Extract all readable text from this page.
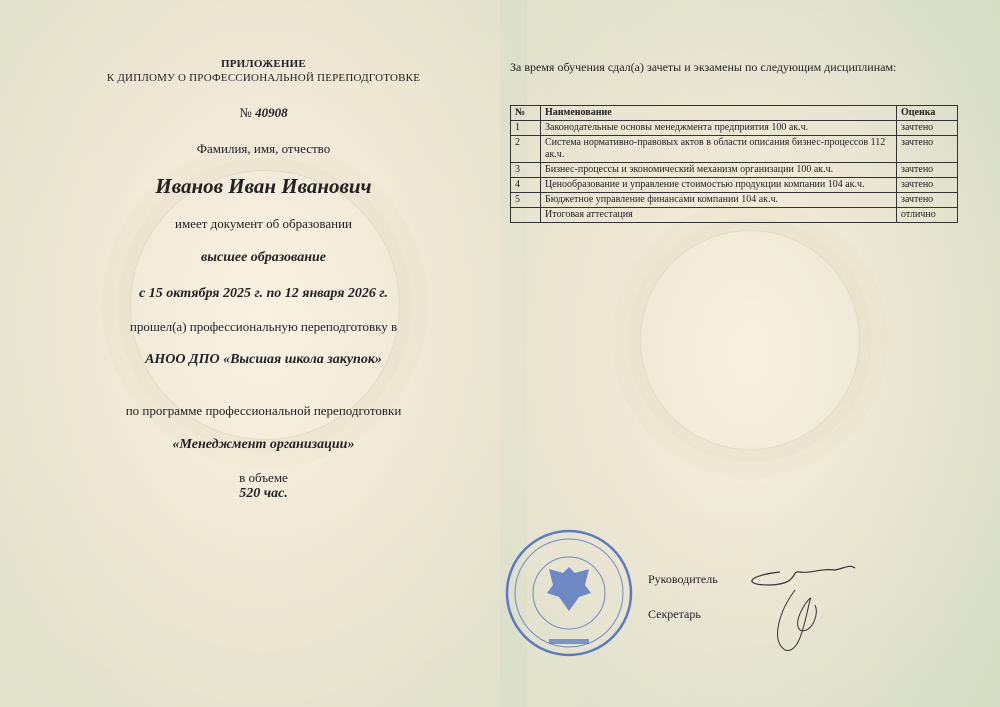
ПРИЛОЖЕНИЕ
К ДИПЛОМУ О ПРОФЕССИОНАЛЬНОЙ ПЕРЕПОДГОТОВКЕ
№ 40908
Фамилия, имя, отчество
Иванов Иван Иванович
имеет документ об образовании
высшее образование
с 15 октября 2025 г. по 12 января 2026 г.
прошел(а) профессиональную переподготовку в
АНОО ДПО «Высшая школа закупок»
по программе профессиональной переподготовки
«Менеджмент организации»
в объеме
520 час.
За время обучения сдал(а) зачеты и экзамены по следующим дисциплинам:
№	Наименование	Оценка
1	Законодательные основы менеджмента предприятия 100 ак.ч.	зачтено
2	Система нормативно-правовых актов в области описания бизнес-процессов 112 ак.ч.	зачтено
3	Бизнес-процессы и экономический механизм организации 100 ак.ч.	зачтено
4	Ценообразование и управление стоимостью продукции компании 104 ак.ч.	зачтено
5	Бюджетное управление финансами компании 104 ак.ч.	зачтено
	Итоговая аттестация	отлично
Руководитель
Секретарь
